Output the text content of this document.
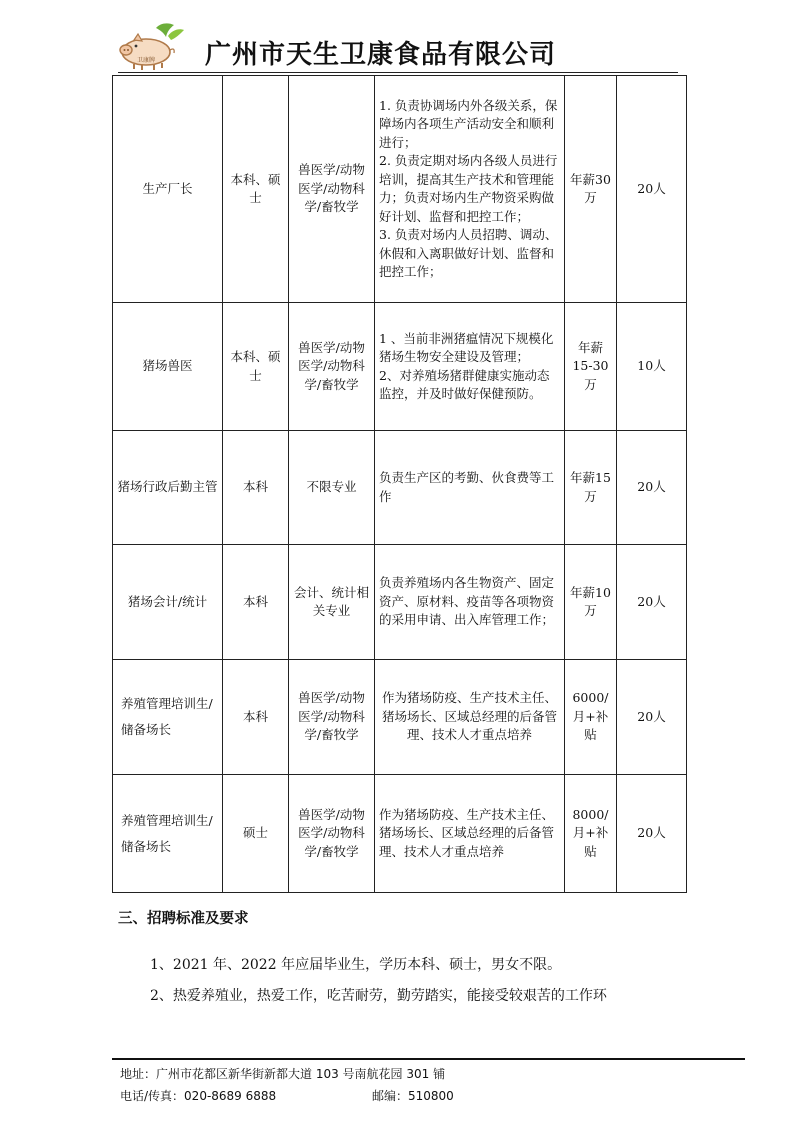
卫康牌 广州市天生卫康食品有限公司
生产厂长	本科、硕士	兽医学/动物医学/动物科学/畜牧学	1. 负责协调场内外各级关系，保障场内各项生产活动安全和顺利进行；
2. 负责定期对场内各级人员进行培训，提高其生产技术和管理能力；负责对场内生产物资采购做好计划、监督和把控工作；
3. 负责对场内人员招聘、调动、休假和入离职做好计划、监督和把控工作；	年薪30万	20人
猪场兽医	本科、硕士	兽医学/动物医学/动物科学/畜牧学	1 、当前非洲猪瘟情况下规模化猪场生物安全建设及管理；
2、对养殖场猪群健康实施动态监控，并及时做好保健预防。	年薪15-30万	10人
猪场行政后勤主管	本科	不限专业	负责生产区的考勤、伙食费等工作	年薪15万	20人
猪场会计/统计	本科	会计、统计相关专业	负责养殖场内各生物资产、固定资产、原材料、疫苗等各项物资的采用申请、出入库管理工作；	年薪10万	20人
养殖管理培训生/储备场长	本科	兽医学/动物医学/动物科学/畜牧学	作为猪场防疫、生产技术主任、猪场场长、区域总经理的后备管理、技术人才重点培养	6000/月+补贴	20人
养殖管理培训生/储备场长	硕士	兽医学/动物医学/动物科学/畜牧学	作为猪场防疫、生产技术主任、猪场场长、区域总经理的后备管理、技术人才重点培养	8000/月+补贴	20人
三、招聘标准及要求
1、2021 年、2022 年应届毕业生，学历本科、硕士，男女不限。
2、热爱养殖业，热爱工作，吃苦耐劳，勤劳踏实，能接受较艰苦的工作环
地址：广州市花都区新华街新都大道 103 号南航花园 301 铺
电话/传真：020-8689 6888	邮编：510800
